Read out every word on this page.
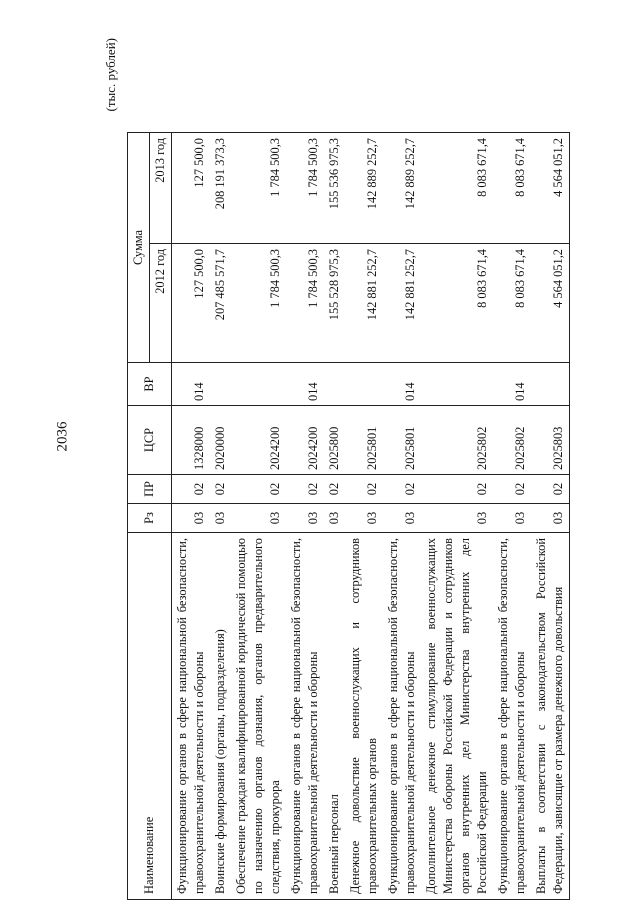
2036
(тыс. рублей)
Наименование	Рз	ПР	ЦСР	ВР	Сумма	
					2012 год	2013 год
Функционирование органов в сфере национальной безопасности, правоохранительной деятельности и обороны	03	02	1328000	014	127 500,0	127 500,0
Воинские формирования (органы, подразделения)	03	02	2020000		207 485 571,7	208 191 373,3
Обеспечение граждан квалифицированной юридической помощью по назначению органов дознания, органов предварительного следствия, прокурора	03	02	2024200		1 784 500,3	1 784 500,3
Функционирование органов в сфере национальной безопасности, правоохранительной деятельности и обороны	03	02	2024200	014	1 784 500,3	1 784 500,3
Военный персонал	03	02	2025800		155 528 975,3	155 536 975,3
Денежное довольствие военнослужащих и сотрудников правоохранительных органов	03	02	2025801		142 881 252,7	142 889 252,7
Функционирование органов в сфере национальной безопасности, правоохранительной деятельности и обороны	03	02	2025801	014	142 881 252,7	142 889 252,7
Дополнительное денежное стимулирование военнослужащих Министерства обороны Российской Федерации и сотрудников органов внутренних дел Министерства внутренних дел Российской Федерации	03	02	2025802		8 083 671,4	8 083 671,4
Функционирование органов в сфере национальной безопасности, правоохранительной деятельности и обороны	03	02	2025802	014	8 083 671,4	8 083 671,4
Выплаты в соответствии с законодательством Российской Федерации, зависящие от размера денежного довольствия	03	02	2025803		4 564 051,2	4 564 051,2
